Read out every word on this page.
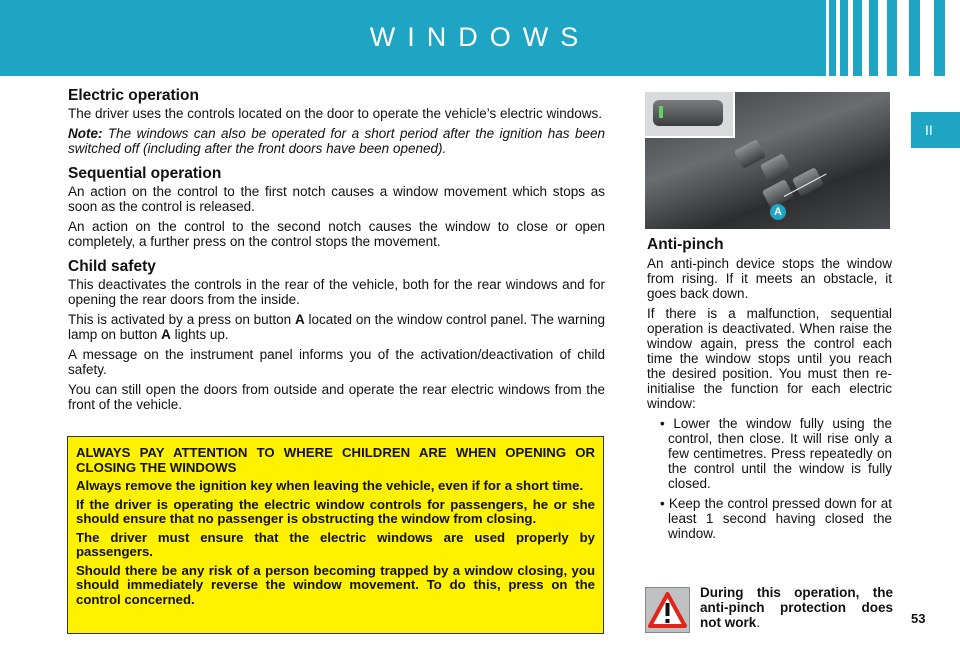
WINDOWS
II
Electric operation

The driver uses the controls located on the door to operate the vehicle’s electric windows.

Note: The windows can also be operated for a short period after the ignition has been switched off (including after the front doors have been opened).

Sequential operation

An action on the control to the first notch causes a window movement which stops as soon as the control is released.

An action on the control to the second notch causes the window to close or open completely, a further press on the control stops the movement.

Child safety

This deactivates the controls in the rear of the vehicle, both for the rear windows and for opening the rear doors from the inside.

This is activated by a press on button A located on the window control panel. The warning lamp on button A lights up.

A message on the instrument panel informs you of the activation/deactivation of child safety.

You can still open the doors from outside and operate the rear electric windows from the front of the vehicle.

ALWAYS PAY ATTENTION TO WHERE CHILDREN ARE WHEN OPENING OR CLOSING THE WINDOWS

Always remove the ignition key when leaving the vehicle, even if for a short time.

If the driver is operating the electric window controls for passengers, he or she should ensure that no passenger is obstructing the window from closing.

The driver must ensure that the electric windows are used properly by passengers.

Should there be any risk of a person becoming trapped by a window closing, you should immediately reverse the window movement. To do this, press on the control concerned.

A
Anti-pinch

An anti-pinch device stops the window from rising. If it meets an obstacle, it goes back down.

If there is a malfunction, sequential operation is deactivated. When raise the window again, press the control each time the window stops until you reach the desired position. You must then re-initialise the function for each electric window:

• Lower the window fully using the control, then close. It will rise only a few centimetres. Press repeatedly on the control until the window is fully closed.
• Keep the control pressed down for at least 1 second having closed the window.
During this operation, the anti-pinch protection does not work.	53
